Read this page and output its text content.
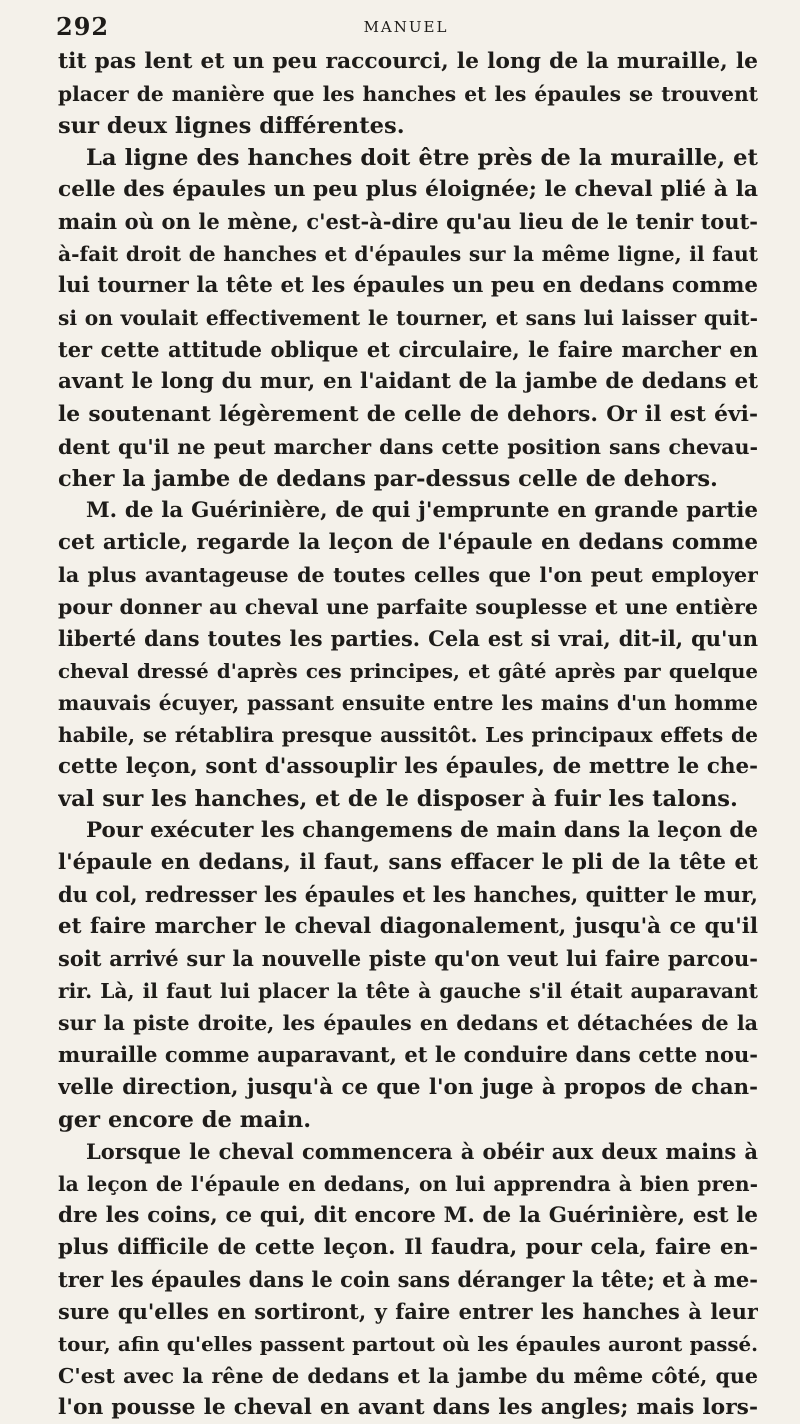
292	MANUEL
tit pas lent et un peu raccourci, le long de la muraille, le
placer de manière que les hanches et les épaules se trouvent
sur deux lignes différentes.
La ligne des hanches doit être près de la muraille, et
celle des épaules un peu plus éloignée; le cheval plié à la
main où on le mène, c'est-à-dire qu'au lieu de le tenir tout-
à-fait droit de hanches et d'épaules sur la même ligne, il faut
lui tourner la tête et les épaules un peu en dedans comme
si on voulait effectivement le tourner, et sans lui laisser quit-
ter cette attitude oblique et circulaire, le faire marcher en
avant le long du mur, en l'aidant de la jambe de dedans et
le soutenant légèrement de celle de dehors. Or il est évi-
dent qu'il ne peut marcher dans cette position sans chevau-
cher la jambe de dedans par-dessus celle de dehors.
M. de la Guérinière, de qui j'emprunte en grande partie
cet article, regarde la leçon de l'épaule en dedans comme
la plus avantageuse de toutes celles que l'on peut employer
pour donner au cheval une parfaite souplesse et une entière
liberté dans toutes les parties. Cela est si vrai, dit-il, qu'un
cheval dressé d'après ces principes, et gâté après par quelque
mauvais écuyer, passant ensuite entre les mains d'un homme
habile, se rétablira presque aussitôt. Les principaux effets de
cette leçon, sont d'assouplir les épaules, de mettre le che-
val sur les hanches, et de le disposer à fuir les talons.
Pour exécuter les changemens de main dans la leçon de
l'épaule en dedans, il faut, sans effacer le pli de la tête et
du col, redresser les épaules et les hanches, quitter le mur,
et faire marcher le cheval diagonalement, jusqu'à ce qu'il
soit arrivé sur la nouvelle piste qu'on veut lui faire parcou-
rir. Là, il faut lui placer la tête à gauche s'il était auparavant
sur la piste droite, les épaules en dedans et détachées de la
muraille comme auparavant, et le conduire dans cette nou-
velle direction, jusqu'à ce que l'on juge à propos de chan-
ger encore de main.
Lorsque le cheval commencera à obéir aux deux mains à
la leçon de l'épaule en dedans, on lui apprendra à bien pren-
dre les coins, ce qui, dit encore M. de la Guérinière, est le
plus difficile de cette leçon. Il faudra, pour cela, faire en-
trer les épaules dans le coin sans déranger la tête; et à me-
sure qu'elles en sortiront, y faire entrer les hanches à leur
tour, afin qu'elles passent partout où les épaules auront passé.
C'est avec la rêne de dedans et la jambe du même côté, que
l'on pousse le cheval en avant dans les angles; mais lors-
